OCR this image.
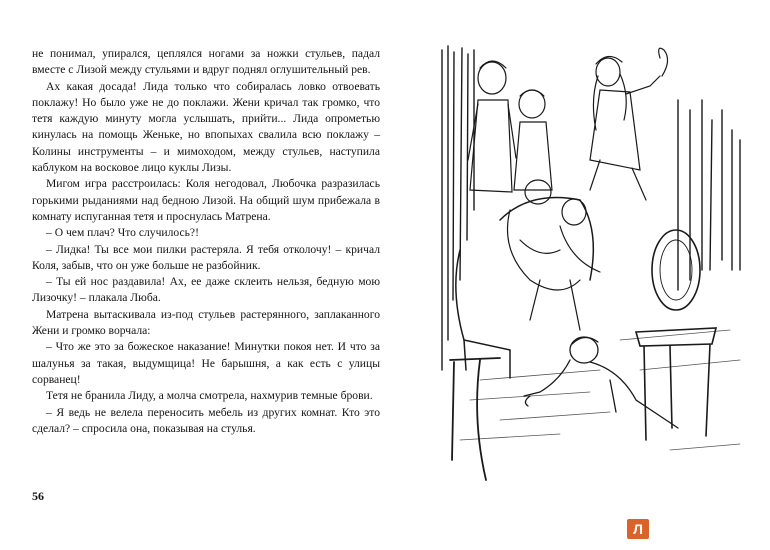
не понимал, упирался, цеплялся ногами за ножки стульев, падал вместе с Лизой между стульями и вдруг поднял оглушительный рев.

Ах какая досада! Лида только что собиралась ловко отвоевать поклажу! Но было уже не до поклажи. Жени кричал так громко, что тетя каждую минуту могла услышать, прийти... Лида опрометью кинулась на помощь Женьке, но впопыхах свалила всю поклажу – Колины инструменты – и мимоходом, между стульев, наступила каблуком на восковое лицо куклы Лизы.

Мигом игра расстроилась: Коля негодовал, Любочка разразилась горькими рыданиями над бедною Лизой. На общий шум прибежала в комнату испуганная тетя и проснулась Матрена.

– О чем плач? Что случилось?!

– Лидка! Ты все мои пилки растеряла. Я тебя отколочу! – кричал Коля, забыв, что он уже больше не разбойник.

– Ты ей нос раздавила! Ах, ее даже склеить нельзя, бедную мою Лизочку! – плакала Люба.

Матрена вытаскивала из-под стульев растерянного, заплаканного Жени и громко ворчала:

– Что же это за божеское наказание! Минутки покоя нет. И что за шалунья за такая, выдумщица! Не барышня, а как есть с улицы сорванец!

Тетя не бранила Лиду, а молча смотрела, нахмурив темные брови.

– Я ведь не велела переносить мебель из других комнат. Кто это сделал? – спросила она, показывая на стулья.

56
Л
